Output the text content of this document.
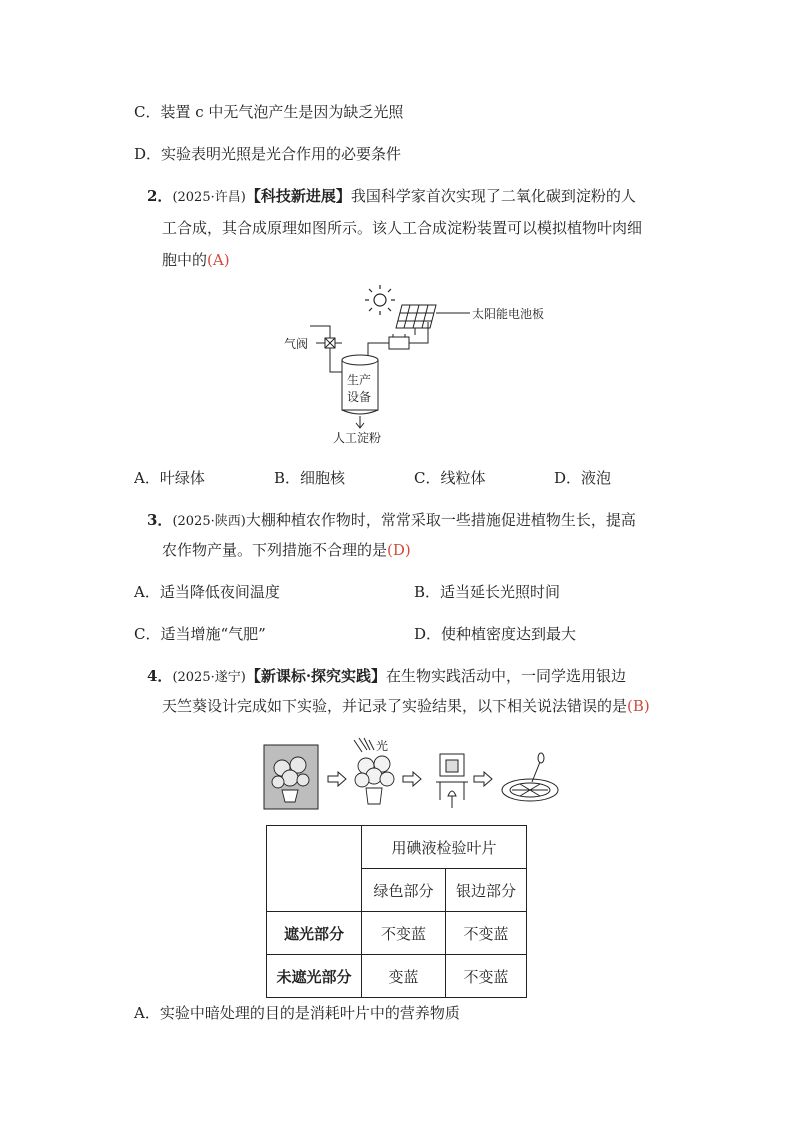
C．装置 c 中无气泡产生是因为缺乏光照
D．实验表明光照是光合作用的必要条件
2．(2025·许昌)【科技新进展】我国科学家首次实现了二氧化碳到淀粉的人
工合成，其合成原理如图所示。该人工合成淀粉装置可以模拟植物叶肉细
胞中的(A)
太阳能电池板
气阀
生产
设备
人工淀粉
A．叶绿体	B．细胞核	C．线粒体	D．液泡
3．(2025·陕西)大棚种植农作物时，常常采取一些措施促进植物生长，提高
农作物产量。下列措施不合理的是(D)
A．适当降低夜间温度	B．适当延长光照时间
C．适当增施“气肥”	D．使种植密度达到最大
4．(2025·遂宁)【新课标·探究实践】在生物实践活动中，一同学选用银边
天竺葵设计完成如下实验，并记录了实验结果，以下相关说法错误的是(B)
光
	用碘液检验叶片	
	绿色部分	银边部分
遮光部分	不变蓝	不变蓝
未遮光部分	变蓝	不变蓝
A．实验中暗处理的目的是消耗叶片中的营养物质
